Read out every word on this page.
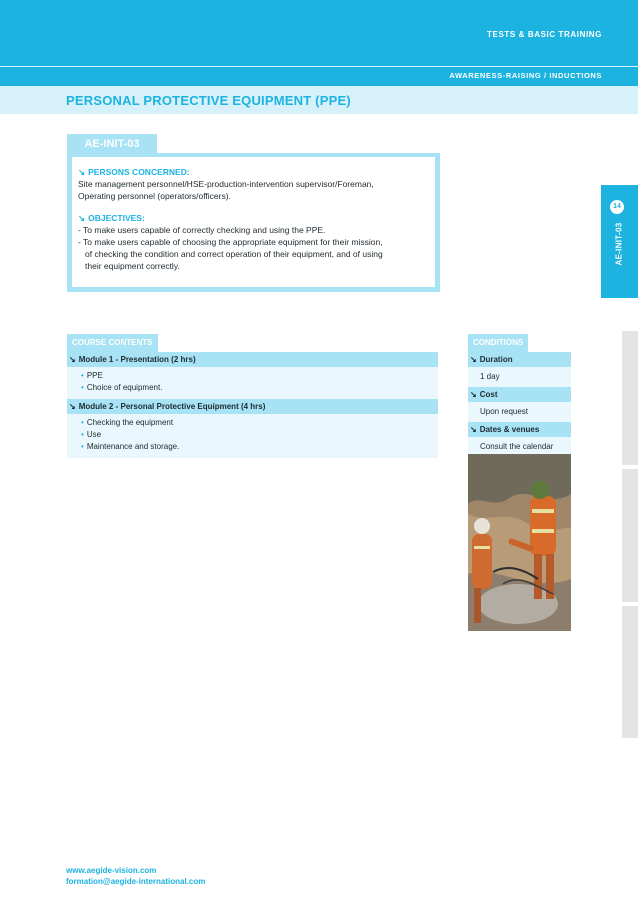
TESTS & BASIC TRAINING
AWARENESS-RAISING / INDUCTIONS
PERSONAL PROTECTIVE EQUIPMENT (PPE)
14
AE-INIT-03
AE-INIT-03
↘ PERSONS CONCERNED:
Site management personnel/HSE-production-intervention supervisor/Foreman,
Operating personnel (operators/officers).
↘ OBJECTIVES:
- To make users capable of correctly checking and using the PPE.
- To make users capable of choosing the appropriate equipment for their mission,
of checking the condition and correct operation of their equipment, and of using
their equipment correctly.
COURSE CONTENTS
↘ Module 1 - Presentation (2 hrs)
• PPE
• Choice of equipment.
↘ Module 2 - Personal Protective Equipment (4 hrs)
• Checking the equipment
• Use
• Maintenance and storage.
CONDITIONS
↘ Duration
1 day
↘ Cost
Upon request
↘ Dates & venues
Consult the calendar
www.aegide-vision.com
formation@aegide-international.com
